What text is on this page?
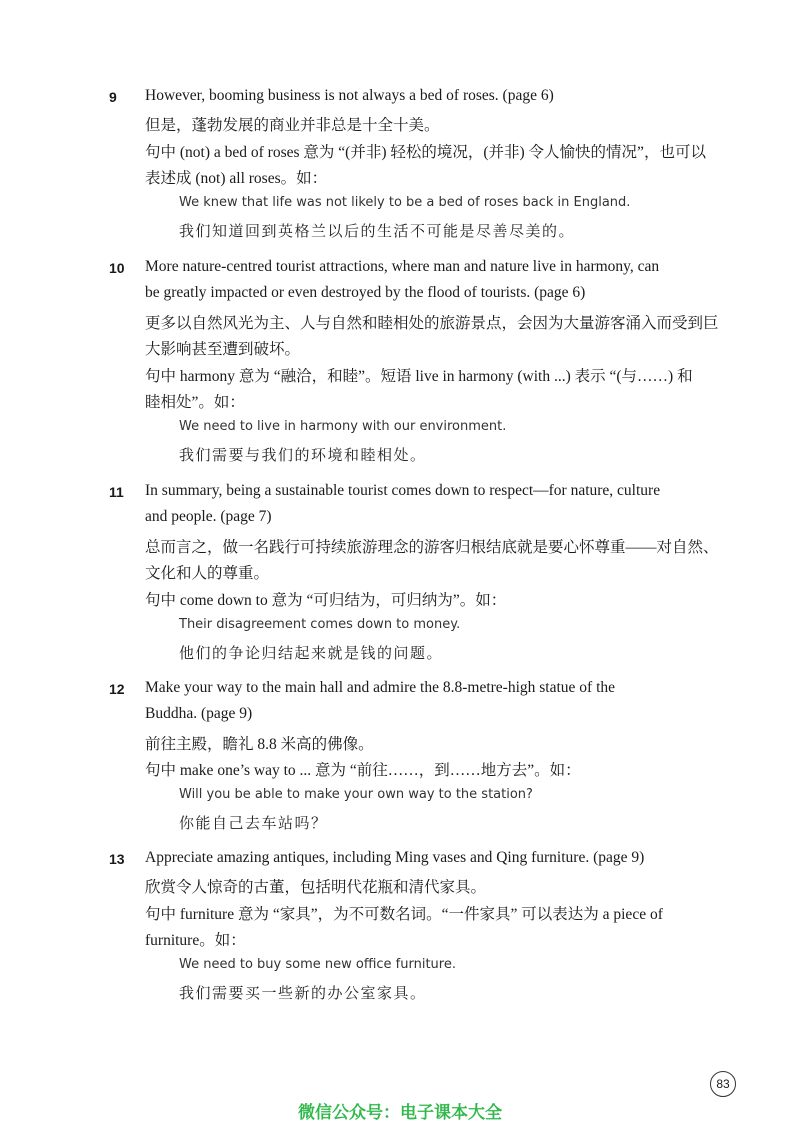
9	However, booming business is not always a bed of roses. (page 6)
但是，蓬勃发展的商业并非总是十全十美。
句中 (not) a bed of roses 意为 “(并非) 轻松的境况，(并非) 令人愉快的情况”，也可以
表述成 (not) all roses。如：
We knew that life was not likely to be a bed of roses back in England.
我们知道回到英格兰以后的生活不可能是尽善尽美的。
10	More nature-centred tourist attractions, where man and nature live in harmony, can
be greatly impacted or even destroyed by the flood of tourists. (page 6)
更多以自然风光为主、人与自然和睦相处的旅游景点，会因为大量游客涌入而受到巨
大影响甚至遭到破坏。
句中 harmony 意为 “融洽，和睦”。短语 live in harmony (with ...) 表示 “(与……) 和
睦相处”。如：
We need to live in harmony with our environment.
我们需要与我们的环境和睦相处。
11	In summary, being a sustainable tourist comes down to respect—for nature, culture
and people. (page 7)
总而言之，做一名践行可持续旅游理念的游客归根结底就是要心怀尊重——对自然、
文化和人的尊重。
句中 come down to 意为 “可归结为，可归纳为”。如：
Their disagreement comes down to money.
他们的争论归结起来就是钱的问题。
12	Make your way to the main hall and admire the 8.8-metre-high statue of the
Buddha. (page 9)
前往主殿，瞻礼 8.8 米高的佛像。
句中 make one’s way to ... 意为 “前往……，到……地方去”。如：
Will you be able to make your own way to the station?
你能自己去车站吗？
13	Appreciate amazing antiques, including Ming vases and Qing furniture. (page 9)
欣赏令人惊奇的古董，包括明代花瓶和清代家具。
句中 furniture 意为 “家具”，为不可数名词。“一件家具” 可以表达为 a piece of
furniture。如：
We need to buy some new office furniture.
我们需要买一些新的办公室家具。
83
微信公众号：电子课本大全
